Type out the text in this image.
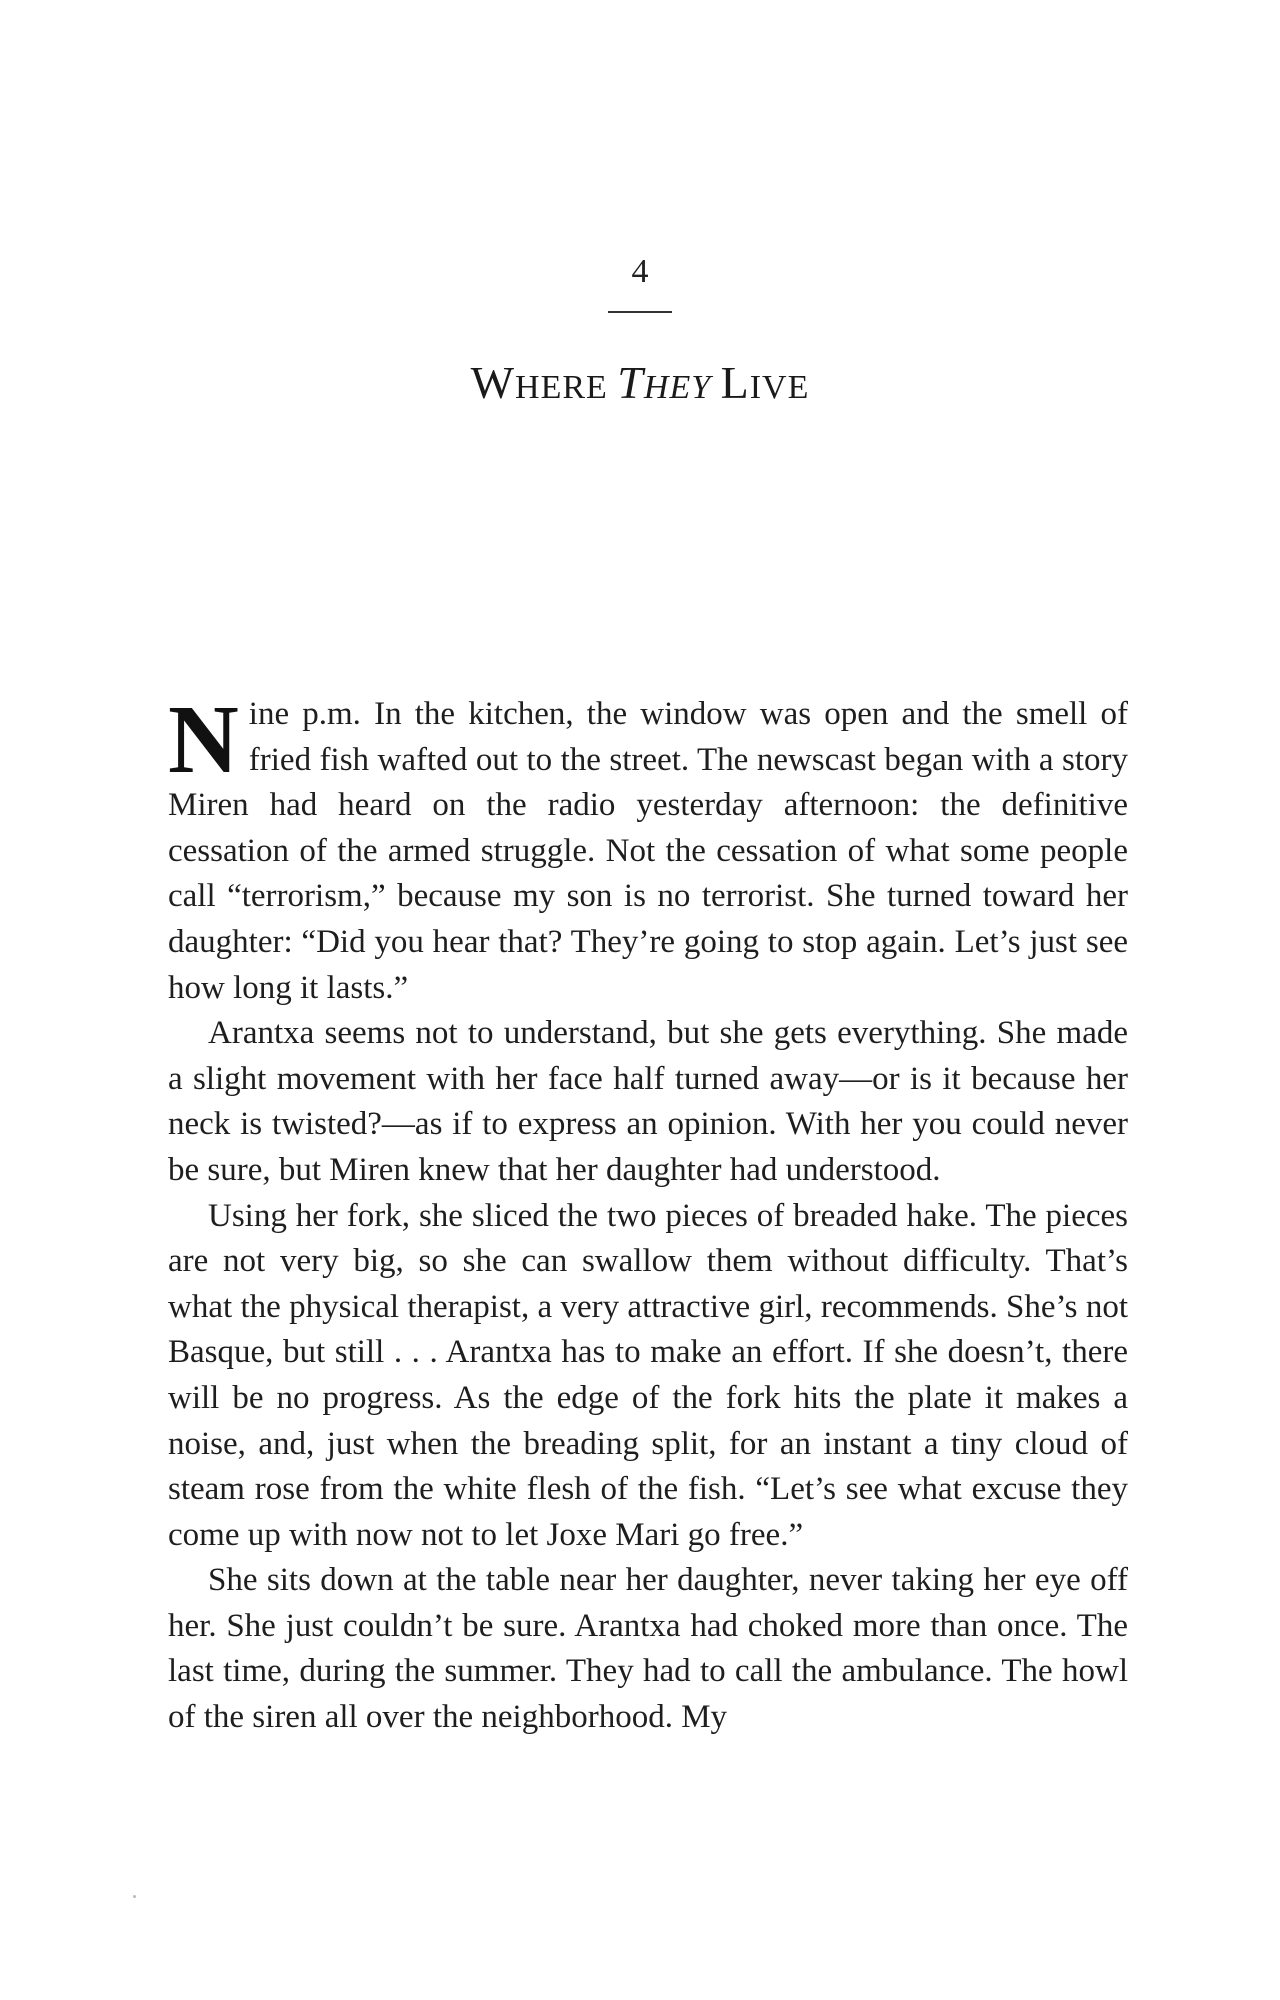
4
WHERE THEY LIVE

Nine p.m. In the kitchen, the window was open and the smell of fried fish wafted out to the street. The newscast began with a story Miren had heard on the radio yesterday afternoon: the definitive cessation of the armed struggle. Not the cessation of what some people call “terrorism,” because my son is no terrorist. She turned toward her daughter: “Did you hear that? They’re going to stop again. Let’s just see how long it lasts.”

Arantxa seems not to understand, but she gets everything. She made a slight movement with her face half turned away—or is it because her neck is twisted?—as if to express an opinion. With her you could never be sure, but Miren knew that her daughter had understood.

Using her fork, she sliced the two pieces of breaded hake. The pieces are not very big, so she can swallow them without difficulty. That’s what the physical therapist, a very attractive girl, recommends. She’s not Basque, but still . . . Arantxa has to make an effort. If she doesn’t, there will be no progress. As the edge of the fork hits the plate it makes a noise, and, just when the breading split, for an instant a tiny cloud of steam rose from the white flesh of the fish. “Let’s see what excuse they come up with now not to let Joxe Mari go free.”

She sits down at the table near her daughter, never taking her eye off her. She just couldn’t be sure. Arantxa had choked more than once. The last time, during the summer. They had to call the ambulance. The howl of the siren all over the neighborhood. My
